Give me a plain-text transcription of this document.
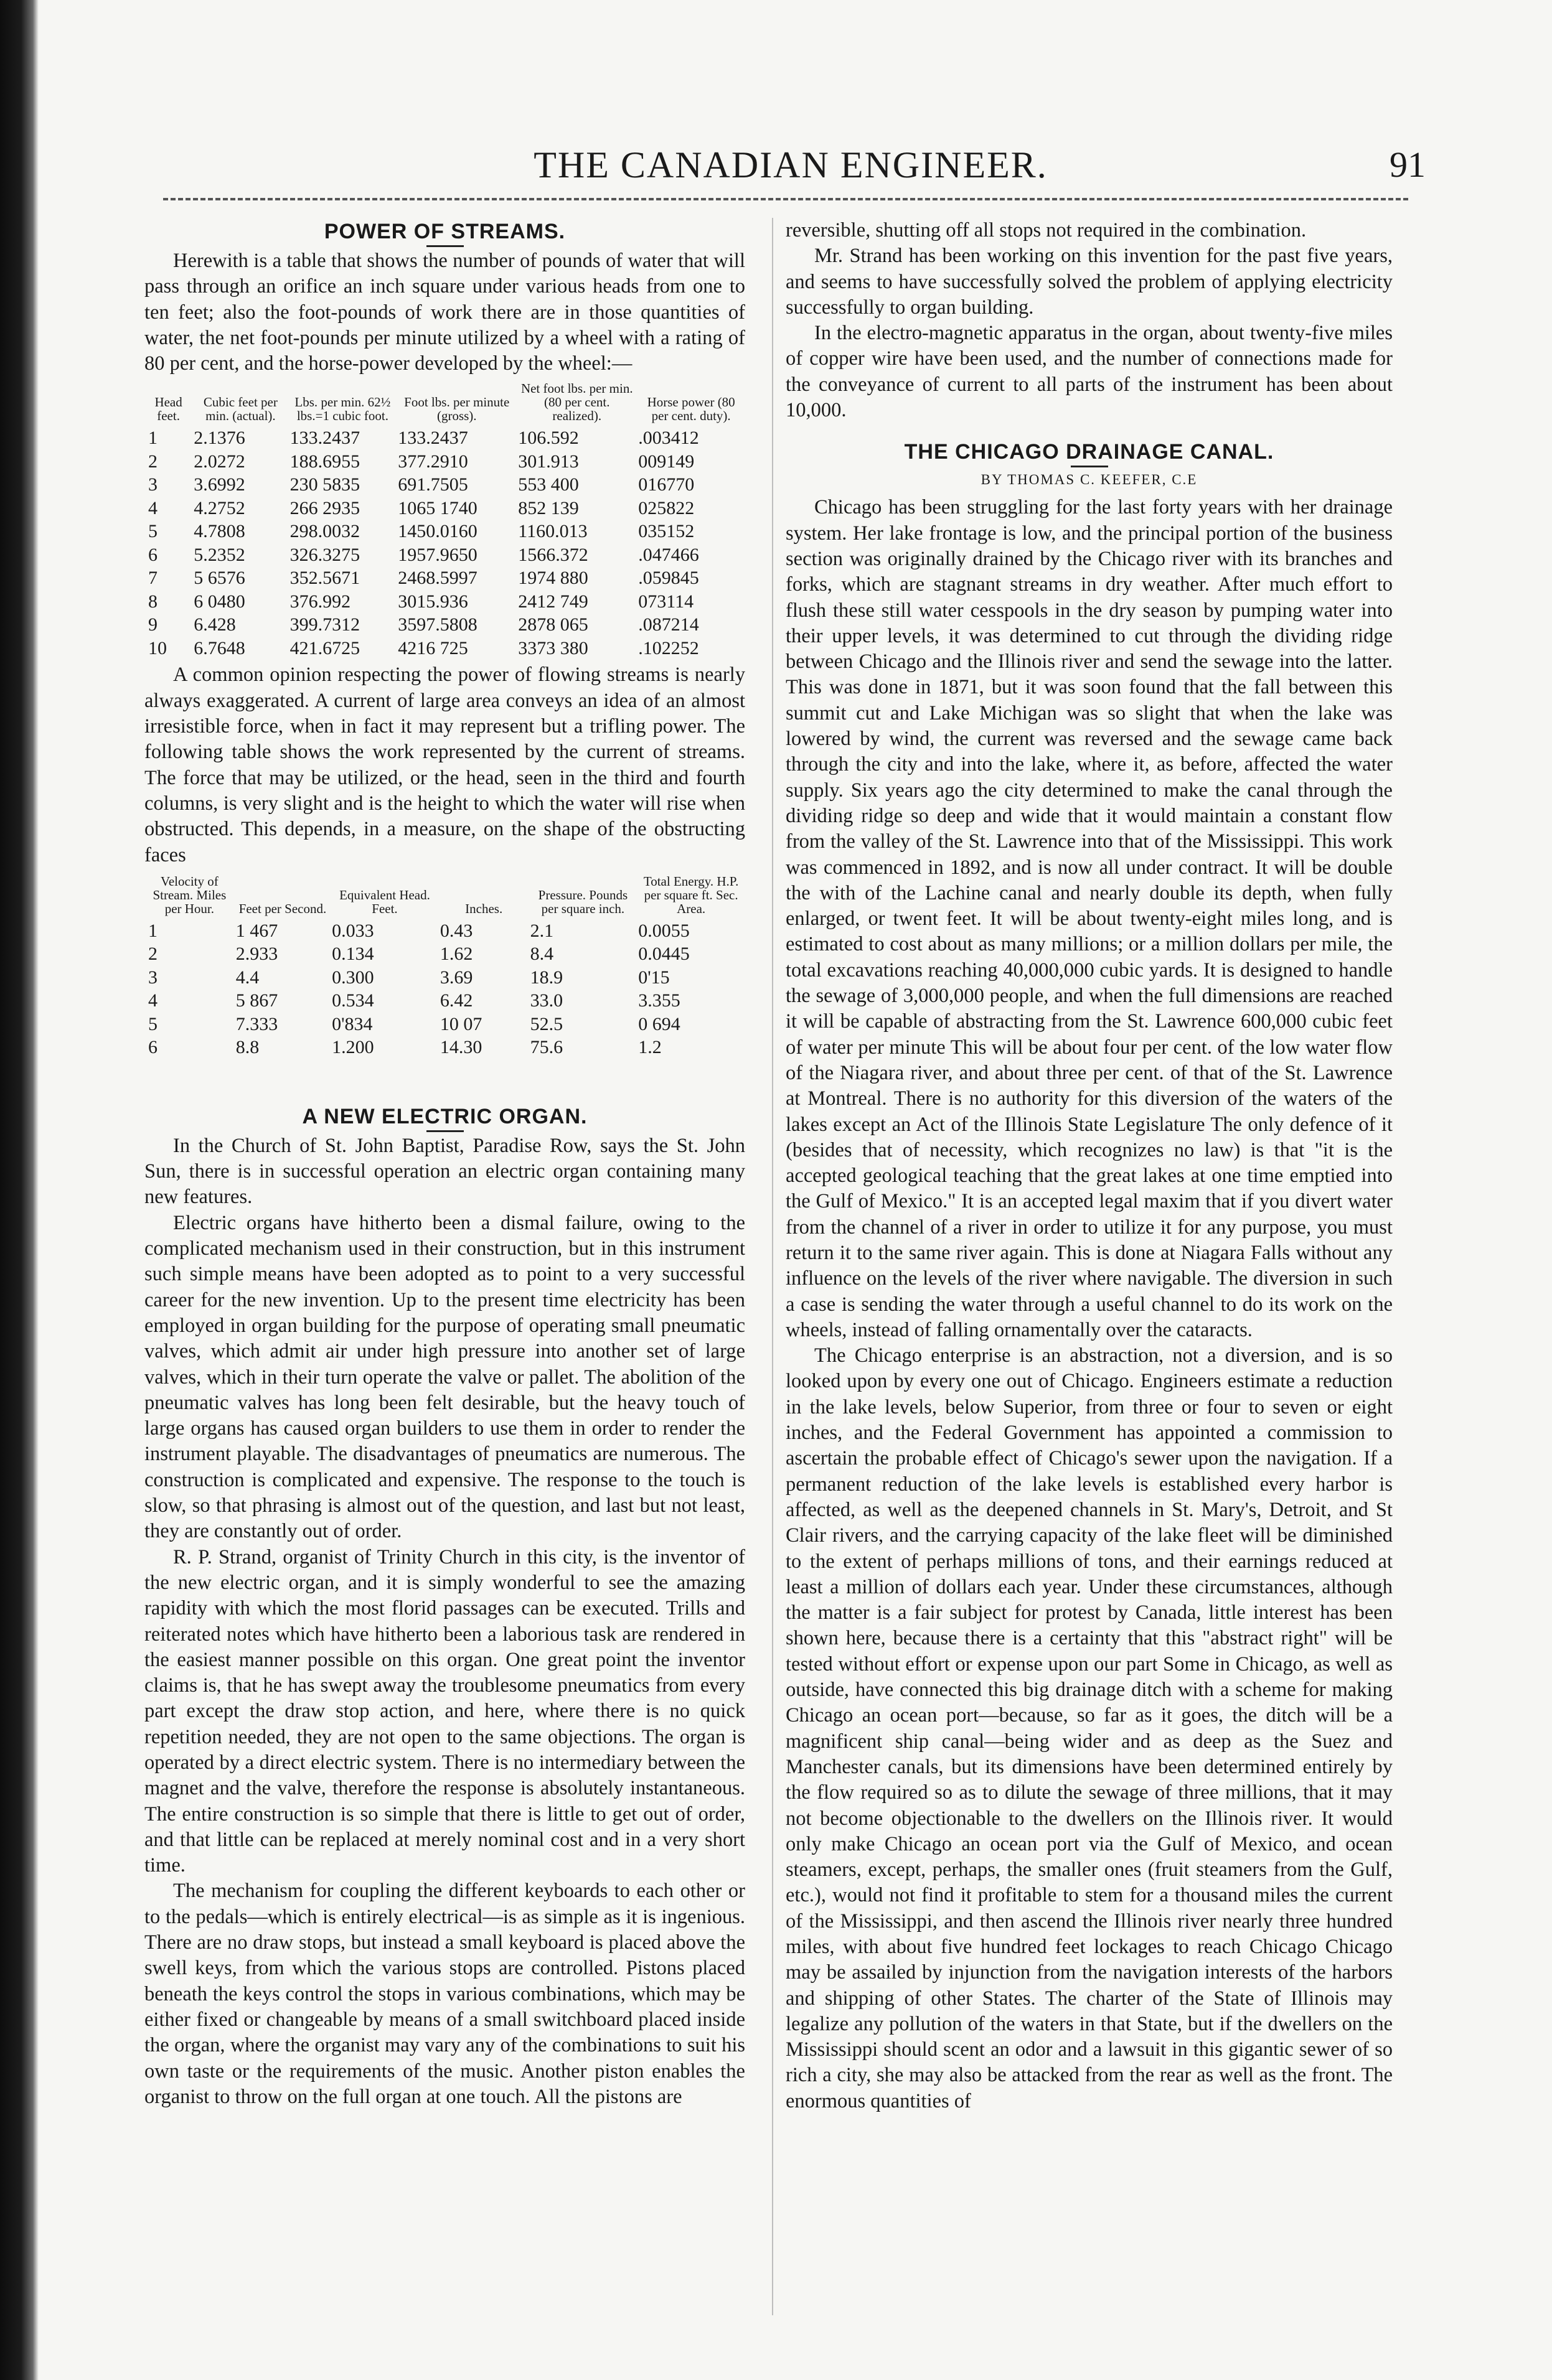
THE CANADIAN ENGINEER.	91
POWER OF STREAMS.

Herewith is a table that shows the number of pounds of water that will pass through an orifice an inch square under various heads from one to ten feet; also the foot-pounds of work there are in those quantities of water, the net foot-pounds per minute utilized by a wheel with a rating of 80 per cent, and the horse-power developed by the wheel:—

Head feet.	Cubic feet per min. (actual).	Lbs. per min. 62½ lbs.=1 cubic foot.	Foot lbs. per minute (gross).	Net foot lbs. per min. (80 per cent. realized).	Horse power (80 per cent. duty).
1	2.1376	133.2437	133.2437	106.592	.003412
2	2.0272	188.6955	377.2910	301.913	009149
3	3.6992	230 5835	691.7505	553 400	016770
4	4.2752	266 2935	1065 1740	852 139	025822
5	4.7808	298.0032	1450.0160	1160.013	035152
6	5.2352	326.3275	1957.9650	1566.372	.047466
7	5 6576	352.5671	2468.5997	1974 880	.059845
8	6 0480	376.992	3015.936	2412 749	073114
9	6.428	399.7312	3597.5808	2878 065	.087214
10	6.7648	421.6725	4216 725	3373 380	.102252

A common opinion respecting the power of flowing streams is nearly always exaggerated. A current of large area conveys an idea of an almost irresistible force, when in fact it may represent but a trifling power. The following table shows the work represented by the current of streams. The force that may be utilized, or the head, seen in the third and fourth columns, is very slight and is the height to which the water will rise when obstructed. This depends, in a measure, on the shape of the obstructing faces

Velocity of Stream. Miles per Hour.	Feet per Second.	Equivalent Head. Feet.	Inches.	Pressure. Pounds per square inch.	Total Energy. H.P. per square ft. Sec. Area.
1	1 467	0.033	0.43	2.1	0.0055
2	2.933	0.134	1.62	8.4	0.0445
3	4.4	0.300	3.69	18.9	0'15
4	5 867	0.534	6.42	33.0	3.355
5	7.333	0'834	10 07	52.5	0 694
6	8.8	1.200	14.30	75.6	1.2
A NEW ELECTRIC ORGAN.

In the Church of St. John Baptist, Paradise Row, says the St. John Sun, there is in successful operation an electric organ containing many new features.

Electric organs have hitherto been a dismal failure, owing to the complicated mechanism used in their construction, but in this instrument such simple means have been adopted as to point to a very successful career for the new invention. Up to the present time electricity has been employed in organ building for the purpose of operating small pneumatic valves, which admit air under high pressure into another set of large valves, which in their turn operate the valve or pallet. The abolition of the pneumatic valves has long been felt desirable, but the heavy touch of large organs has caused organ builders to use them in order to render the instrument playable. The disadvantages of pneumatics are numerous. The construction is complicated and expensive. The response to the touch is slow, so that phrasing is almost out of the question, and last but not least, they are constantly out of order.

R. P. Strand, organist of Trinity Church in this city, is the inventor of the new electric organ, and it is simply wonderful to see the amazing rapidity with which the most florid passages can be executed. Trills and reiterated notes which have hitherto been a laborious task are rendered in the easiest manner possible on this organ. One great point the inventor claims is, that he has swept away the troublesome pneumatics from every part except the draw stop action, and here, where there is no quick repetition needed, they are not open to the same objections. The organ is operated by a direct electric system. There is no intermediary between the magnet and the valve, therefore the response is absolutely instantaneous. The entire construction is so simple that there is little to get out of order, and that little can be replaced at merely nominal cost and in a very short time.

The mechanism for coupling the different keyboards to each other or to the pedals—which is entirely electrical—is as simple as it is ingenious. There are no draw stops, but instead a small keyboard is placed above the swell keys, from which the various stops are controlled. Pistons placed beneath the keys control the stops in various combinations, which may be either fixed or changeable by means of a small switchboard placed inside the organ, where the organist may vary any of the combinations to suit his own taste or the requirements of the music. Another piston enables the organist to throw on the full organ at one touch. All the pistons are

reversible, shutting off all stops not required in the combination.

Mr. Strand has been working on this invention for the past five years, and seems to have successfully solved the problem of applying electricity successfully to organ building.

In the electro-magnetic apparatus in the organ, about twenty-five miles of copper wire have been used, and the number of connections made for the conveyance of current to all parts of the instrument has been about 10,000.

THE CHICAGO DRAINAGE CANAL.
BY THOMAS C. KEEFER, C.E

Chicago has been struggling for the last forty years with her drainage system. Her lake frontage is low, and the principal portion of the business section was originally drained by the Chicago river with its branches and forks, which are stagnant streams in dry weather. After much effort to flush these still water cesspools in the dry season by pumping water into their upper levels, it was determined to cut through the dividing ridge between Chicago and the Illinois river and send the sewage into the latter. This was done in 1871, but it was soon found that the fall between this summit cut and Lake Michigan was so slight that when the lake was lowered by wind, the current was reversed and the sewage came back through the city and into the lake, where it, as before, affected the water supply. Six years ago the city determined to make the canal through the dividing ridge so deep and wide that it would maintain a constant flow from the valley of the St. Lawrence into that of the Mississippi. This work was commenced in 1892, and is now all under contract. It will be double the with of the Lachine canal and nearly double its depth, when fully enlarged, or twent feet. It will be about twenty-eight miles long, and is estimated to cost about as many millions; or a million dollars per mile, the total excavations reaching 40,000,000 cubic yards. It is designed to handle the sewage of 3,000,000 people, and when the full dimensions are reached it will be capable of abstracting from the St. Lawrence 600,000 cubic feet of water per minute This will be about four per cent. of the low water flow of the Niagara river, and about three per cent. of that of the St. Lawrence at Montreal. There is no authority for this diversion of the waters of the lakes except an Act of the Illinois State Legislature The only defence of it (besides that of necessity, which recognizes no law) is that "it is the accepted geological teaching that the great lakes at one time emptied into the Gulf of Mexico." It is an accepted legal maxim that if you divert water from the channel of a river in order to utilize it for any purpose, you must return it to the same river again. This is done at Niagara Falls without any influence on the levels of the river where navigable. The diversion in such a case is sending the water through a useful channel to do its work on the wheels, instead of falling ornamentally over the cataracts.

The Chicago enterprise is an abstraction, not a diversion, and is so looked upon by every one out of Chicago. Engineers estimate a reduction in the lake levels, below Superior, from three or four to seven or eight inches, and the Federal Government has appointed a commission to ascertain the probable effect of Chicago's sewer upon the navigation. If a permanent reduction of the lake levels is established every harbor is affected, as well as the deepened channels in St. Mary's, Detroit, and St Clair rivers, and the carrying capacity of the lake fleet will be diminished to the extent of perhaps millions of tons, and their earnings reduced at least a million of dollars each year. Under these circumstances, although the matter is a fair subject for protest by Canada, little interest has been shown here, because there is a certainty that this "abstract right" will be tested without effort or expense upon our part Some in Chicago, as well as outside, have connected this big drainage ditch with a scheme for making Chicago an ocean port—because, so far as it goes, the ditch will be a magnificent ship canal—being wider and as deep as the Suez and Manchester canals, but its dimensions have been determined entirely by the flow required so as to dilute the sewage of three millions, that it may not become objectionable to the dwellers on the Illinois river. It would only make Chicago an ocean port via the Gulf of Mexico, and ocean steamers, except, perhaps, the smaller ones (fruit steamers from the Gulf, etc.), would not find it profitable to stem for a thousand miles the current of the Mississippi, and then ascend the Illinois river nearly three hundred miles, with about five hundred feet lockages to reach Chicago Chicago may be assailed by injunction from the navigation interests of the harbors and shipping of other States. The charter of the State of Illinois may legalize any pollution of the waters in that State, but if the dwellers on the Mississippi should scent an odor and a lawsuit in this gigantic sewer of so rich a city, she may also be attacked from the rear as well as the front. The enormous quantities of
